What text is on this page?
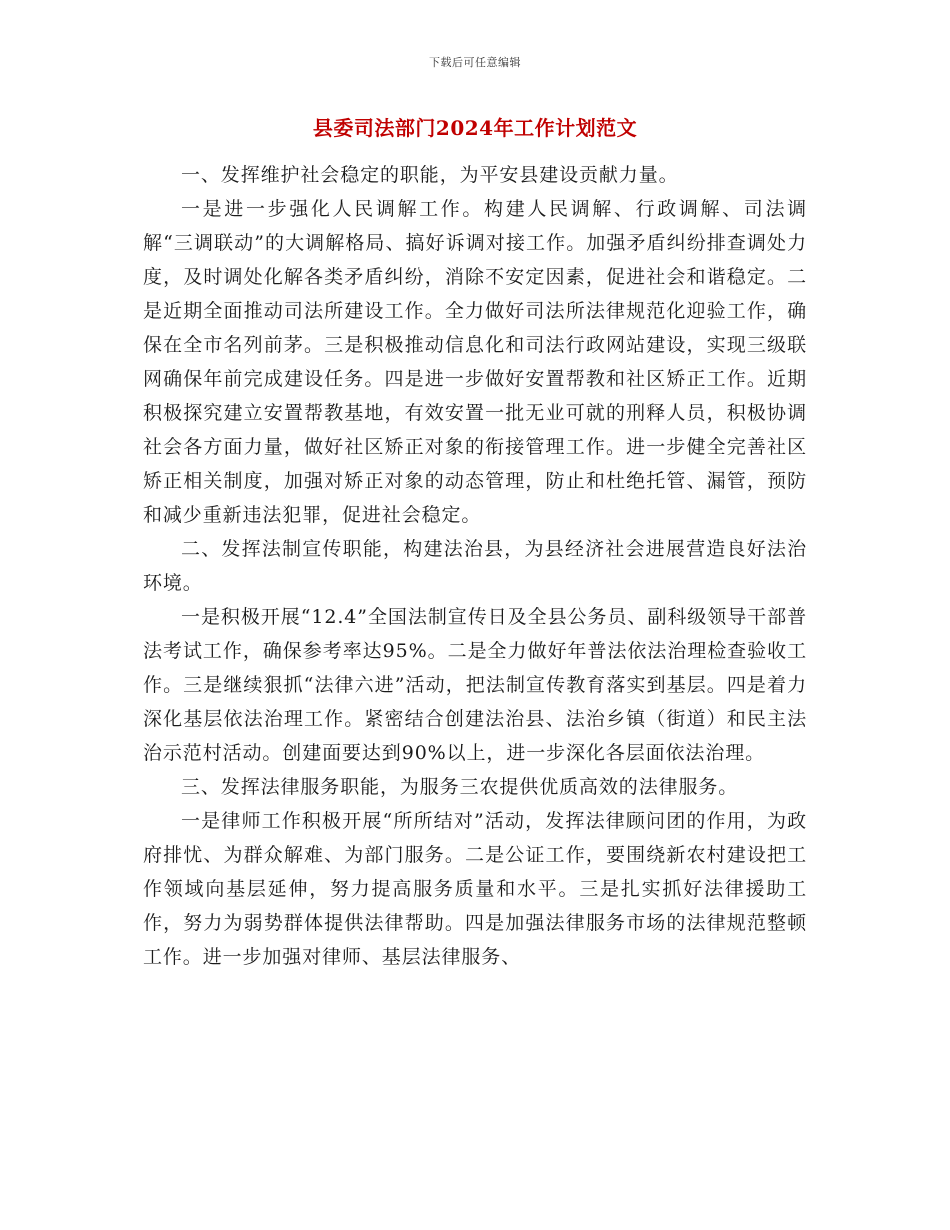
下载后可任意编辑
县委司法部门2024年工作计划范文

一、发挥维护社会稳定的职能，为平安县建设贡献力量。

一是进一步强化人民调解工作。构建人民调解、行政调解、司法调解“三调联动”的大调解格局、搞好诉调对接工作。加强矛盾纠纷排查调处力度，及时调处化解各类矛盾纠纷，消除不安定因素，促进社会和谐稳定。二是近期全面推动司法所建设工作。全力做好司法所法律规范化迎验工作，确保在全市名列前茅。三是积极推动信息化和司法行政网站建设，实现三级联网确保年前完成建设任务。四是进一步做好安置帮教和社区矫正工作。近期积极探究建立安置帮教基地，有效安置一批无业可就的刑释人员，积极协调社会各方面力量，做好社区矫正对象的衔接管理工作。进一步健全完善社区矫正相关制度，加强对矫正对象的动态管理，防止和杜绝托管、漏管，预防和减少重新违法犯罪，促进社会稳定。

二、发挥法制宣传职能，构建法治县，为县经济社会进展营造良好法治环境。

一是积极开展“12.4”全国法制宣传日及全县公务员、副科级领导干部普法考试工作，确保参考率达95%。二是全力做好年普法依法治理检查验收工作。三是继续狠抓“法律六进”活动，把法制宣传教育落实到基层。四是着力深化基层依法治理工作。紧密结合创建法治县、法治乡镇（街道）和民主法治示范村活动。创建面要达到90%以上，进一步深化各层面依法治理。

三、发挥法律服务职能，为服务三农提供优质高效的法律服务。

一是律师工作积极开展“所所结对”活动，发挥法律顾问团的作用，为政府排忧、为群众解难、为部门服务。二是公证工作，要围绕新农村建设把工作领域向基层延伸，努力提高服务质量和水平。三是扎实抓好法律援助工作，努力为弱势群体提供法律帮助。四是加强法律服务市场的法律规范整顿工作。进一步加强对律师、基层法律服务、
